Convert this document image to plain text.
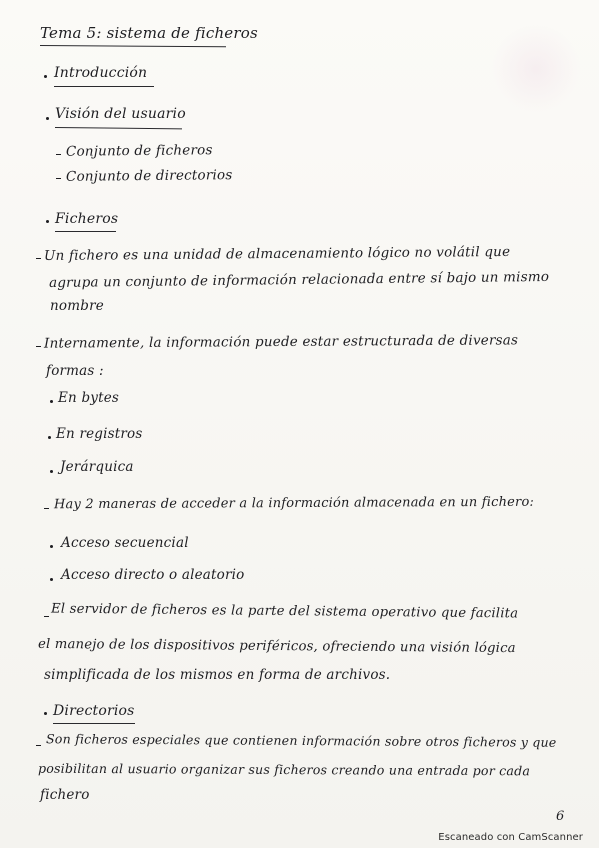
Tema 5: sistema de ficheros
Introducción
Visión del usuario
Conjunto de ficheros
Conjunto de directorios
Ficheros
Un fichero es una unidad de almacenamiento lógico no volátil que
agrupa un conjunto de información relacionada entre sí bajo un mismo
nombre
Internamente, la información puede estar estructurada de diversas
formas :
En bytes
En registros
Jerárquica
Hay 2 maneras de acceder a la información almacenada en un fichero:
Acceso secuencial
Acceso directo o aleatorio
El servidor de ficheros es la parte del sistema operativo que facilita
el manejo de los dispositivos periféricos, ofreciendo una visión lógica
simplificada de los mismos en forma de archivos.
Directorios
Son ficheros especiales que contienen información sobre otros ficheros y que
posibilitan al usuario organizar sus ficheros creando una entrada por cada
fichero
6
Escaneado con CamScanner
